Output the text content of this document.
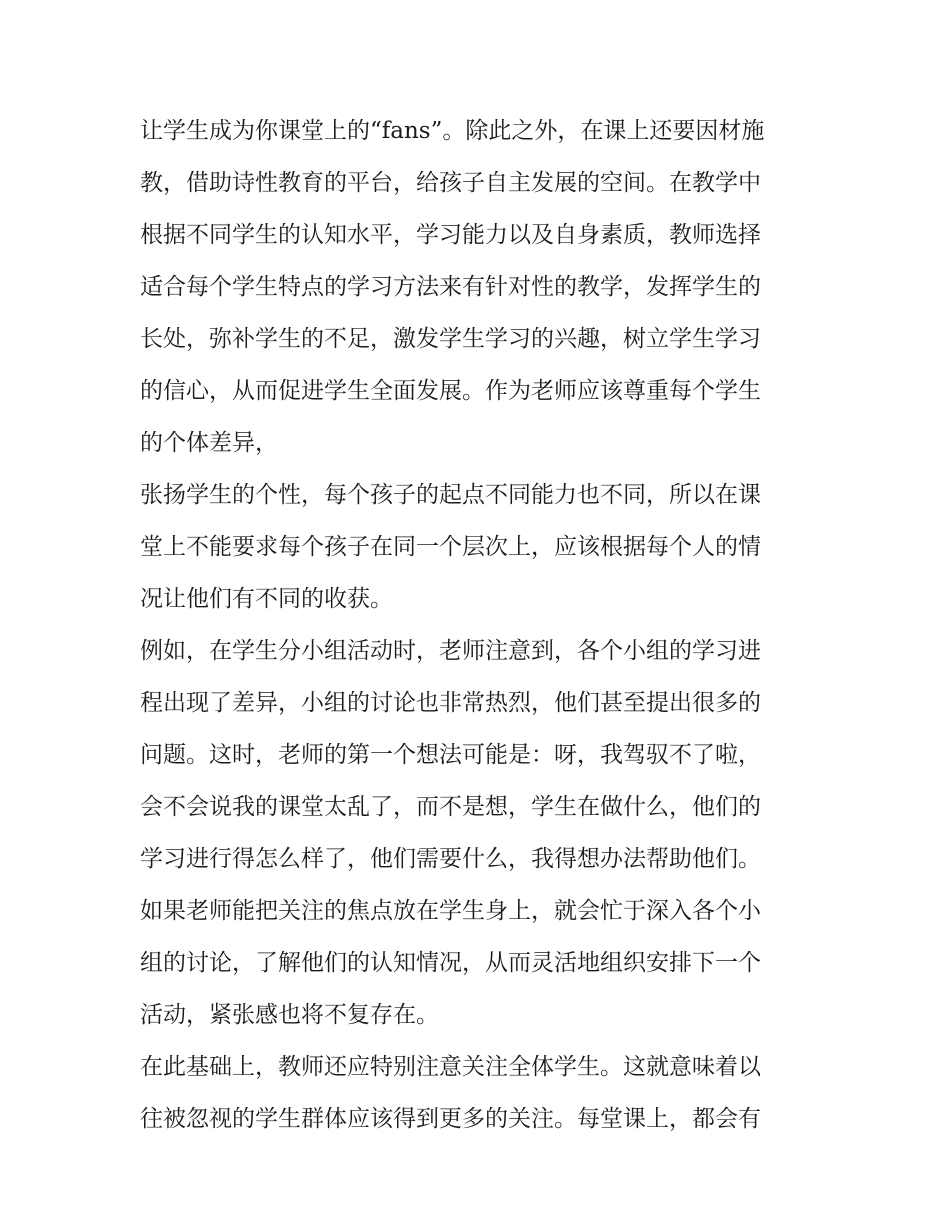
让学生成为你课堂上的“fans”。除此之外，在课上还要因材施
教，借助诗性教育的平台，给孩子自主发展的空间。在教学中
根据不同学生的认知水平，学习能力以及自身素质，教师选择
适合每个学生特点的学习方法来有针对性的教学，发挥学生的
长处，弥补学生的不足，激发学生学习的兴趣，树立学生学习
的信心，从而促进学生全面发展。作为老师应该尊重每个学生
的个体差异，
张扬学生的个性，每个孩子的起点不同能力也不同，所以在课
堂上不能要求每个孩子在同一个层次上，应该根据每个人的情
况让他们有不同的收获。
例如，在学生分小组活动时，老师注意到，各个小组的学习进
程出现了差异，小组的讨论也非常热烈，他们甚至提出很多的
问题。这时，老师的第一个想法可能是：呀，我驾驭不了啦，
会不会说我的课堂太乱了，而不是想，学生在做什么，他们的
学习进行得怎么样了，他们需要什么，我得想办法帮助他们。
如果老师能把关注的焦点放在学生身上，就会忙于深入各个小
组的讨论，了解他们的认知情况，从而灵活地组织安排下一个
活动，紧张感也将不复存在。
在此基础上，教师还应特别注意关注全体学生。这就意味着以
往被忽视的学生群体应该得到更多的关注。每堂课上，都会有
